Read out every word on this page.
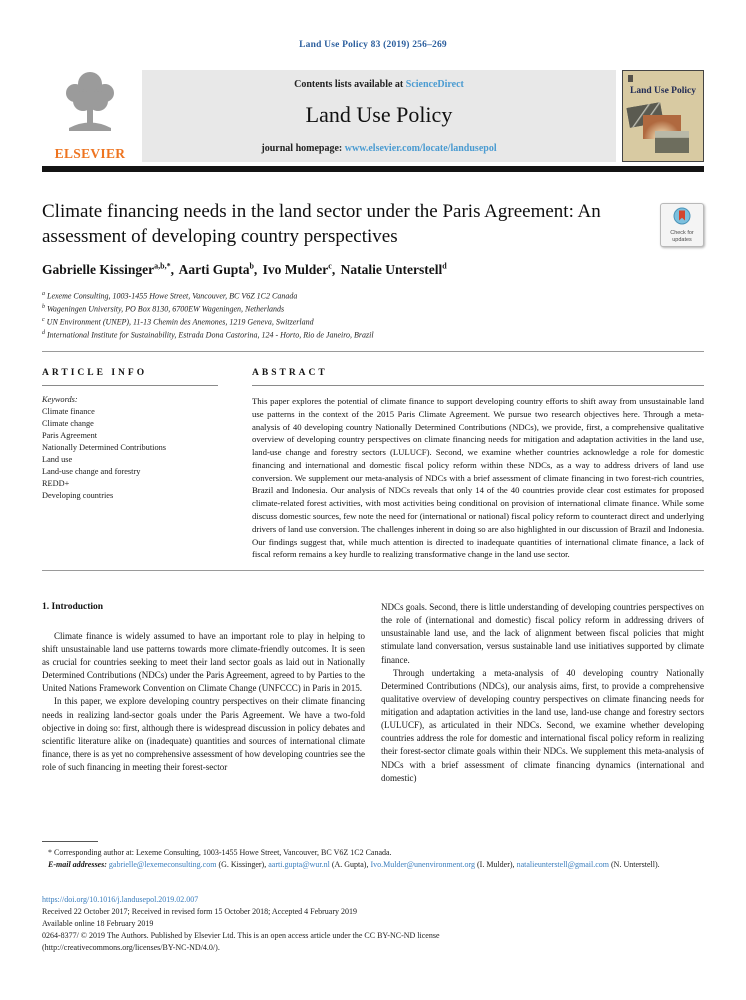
Land Use Policy 83 (2019) 256–269
ELSEVIER
Contents lists available at ScienceDirect
Land Use Policy
journal homepage: www.elsevier.com/locate/landusepol
Land Use Policy
Climate financing needs in the land sector under the Paris Agreement: An assessment of developing country perspectives	Check for updates
Gabrielle Kissinger$^{a,b,*}$, Aarti Gupta$^b$, Ivo Mulder$^c$, Natalie Unterstell$^d$
$^a$ Lexeme Consulting, 1003-1455 Howe Street, Vancouver, BC V6Z 1C2 Canada
$^b$ Wageningen University, PO Box 8130, 6700EW Wageningen, Netherlands
$^c$ UN Environment (UNEP), 11-13 Chemin des Anemones, 1219 Geneva, Switzerland
$^d$ International Institute for Sustainability, Estrada Dona Castorina, 124 - Horto, Rio de Janeiro, Brazil
ARTICLE INFO
Keywords:
Climate finance
Climate change
Paris Agreement
Nationally Determined Contributions
Land use
Land-use change and forestry
REDD+
Developing countries
ABSTRACT
This paper explores the potential of climate finance to support developing country efforts to shift away from unsustainable land use patterns in the context of the 2015 Paris Climate Agreement. We pursue two research objectives here. Through a meta-analysis of 40 developing country Nationally Determined Contributions (NDCs), we provide, first, a comprehensive qualitative overview of developing country perspectives on climate financing needs for mitigation and adaptation activities in the land use, land-use change and forestry sectors (LULUCF). Second, we examine whether countries acknowledge a role for domestic financing and international and domestic fiscal policy reform within these NDCs, as a way to address drivers of land use conversion. We supplement our meta-analysis of NDCs with a brief assessment of climate financing in two forest-rich countries, Brazil and Indonesia. Our analysis of NDCs reveals that only 14 of the 40 countries provide clear cost estimates for proposed climate-related forest activities, with most activities being conditional on provision of international climate finance. While some discuss domestic sources, few note the need for (international or national) fiscal policy reform to counteract direct and underlying drivers of land use conversion. The challenges inherent in doing so are also highlighted in our discussion of Brazil and Indonesia. Our findings suggest that, while much attention is directed to inadequate quantities of international climate finance, a lack of fiscal reform remains a key hurdle to realizing transformative change in the land use sector.
1. Introduction

Climate finance is widely assumed to have an important role to play in helping to shift unsustainable land use patterns towards more climate-friendly outcomes. It is seen as crucial for countries seeking to meet their land sector goals as laid out in Nationally Determined Contributions (NDCs) under the Paris Agreement, agreed to by Parties to the United Nations Framework Convention on Climate Change (UNFCCC) in Paris in 2015.

In this paper, we explore developing country perspectives on their climate financing needs in realizing land-sector goals under the Paris Agreement. We have a two-fold objective in doing so: first, although there is widespread discussion in policy debates and scientific literature alike on (inadequate) quantities and sources of international climate finance, there is as yet no comprehensive assessment of how developing countries see the role of such financing in meeting their forest-sector

NDCs goals. Second, there is little understanding of developing countries perspectives on the role of (international and domestic) fiscal policy reform in addressing drivers of unsustainable land use, and the lack of alignment between fiscal policies that might stimulate land conversation, versus sustainable land use initiatives supported by climate finance.

Through undertaking a meta-analysis of 40 developing country Nationally Determined Contributions (NDCs), our analysis aims, first, to provide a comprehensive qualitative overview of developing country perspectives on climate financing needs for mitigation and adaptation activities in the land use, land-use change and forestry sectors (LULUCF), as articulated in their NDCs. Second, we examine whether developing countries address the role for domestic and international fiscal policy reform in realizing their forest-sector climate goals within their NDCs. We supplement this meta-analysis of NDCs with a brief assessment of climate financing dynamics (international and domestic)

* Corresponding author at: Lexeme Consulting, 1003-1455 Howe Street, Vancouver, BC V6Z 1C2 Canada.
E-mail addresses: gabrielle@lexemeconsulting.com (G. Kissinger), aarti.gupta@wur.nl (A. Gupta), Ivo.Mulder@unenvironment.org (I. Mulder), natalieunterstell@gmail.com (N. Unterstell).
https://doi.org/10.1016/j.landusepol.2019.02.007
Received 22 October 2017; Received in revised form 15 October 2018; Accepted 4 February 2019
Available online 18 February 2019
0264-8377/ © 2019 The Authors. Published by Elsevier Ltd. This is an open access article under the CC BY-NC-ND license
(http://creativecommons.org/licenses/BY-NC-ND/4.0/).
